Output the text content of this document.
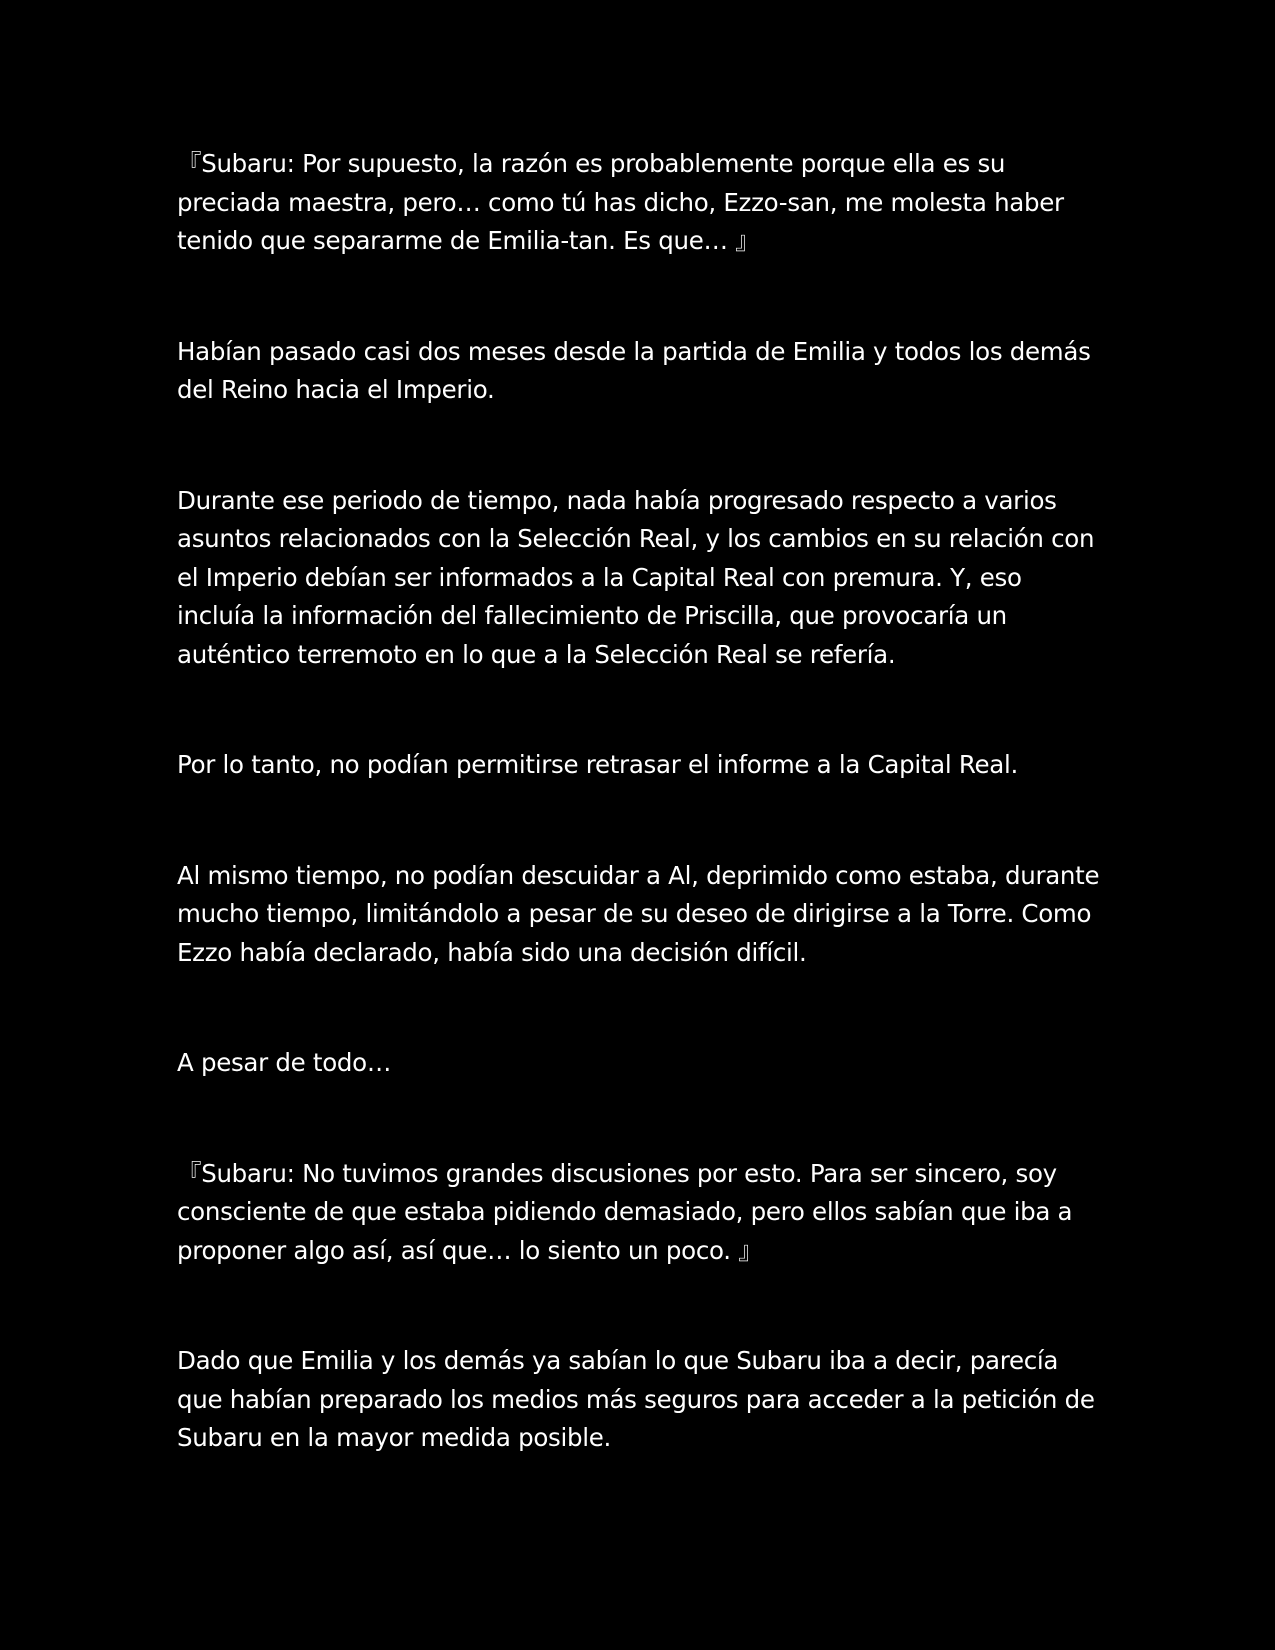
『Subaru: Por supuesto, la razón es probablemente porque ella es su preciada maestra, pero… como tú has dicho, Ezzo-san, me molesta haber tenido que separarme de Emilia-tan. Es que… 』

Habían pasado casi dos meses desde la partida de Emilia y todos los demás del Reino hacia el Imperio.

Durante ese periodo de tiempo, nada había progresado respecto a varios asuntos relacionados con la Selección Real, y los cambios en su relación con el Imperio debían ser informados a la Capital Real con premura. Y, eso incluía la información del fallecimiento de Priscilla, que provocaría un auténtico terremoto en lo que a la Selección Real se refería.

Por lo tanto, no podían permitirse retrasar el informe a la Capital Real.

Al mismo tiempo, no podían descuidar a Al, deprimido como estaba, durante mucho tiempo, limitándolo a pesar de su deseo de dirigirse a la Torre. Como Ezzo había declarado, había sido una decisión difícil.

A pesar de todo…

『Subaru: No tuvimos grandes discusiones por esto. Para ser sincero, soy consciente de que estaba pidiendo demasiado, pero ellos sabían que iba a proponer algo así, así que… lo siento un poco. 』

Dado que Emilia y los demás ya sabían lo que Subaru iba a decir, parecía que habían preparado los medios más seguros para acceder a la petición de Subaru en la mayor medida posible.
